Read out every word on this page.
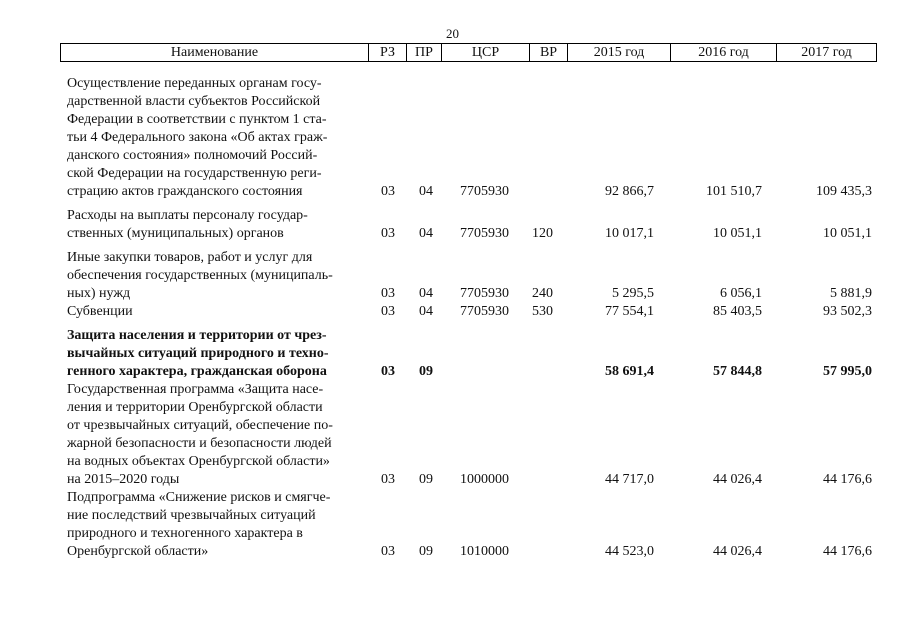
20
Наименование	РЗ	ПР	ЦСР	ВР	2015 год	2016 год	2017 год
Осуществление переданных органам госу-
дарственной власти субъектов Российской
Федерации в соответствии с пунктом 1 ста-
тьи 4 Федерального закона «Об актах граж-
данского состояния» полномочий Россий-
ской Федерации на государственную реги-
страцию актов гражданского состояния	03 04 7705930	92 866,7	101 510,7	109 435,3
Расходы на выплаты персоналу государ-
ственных (муниципальных) органов	03 04 7705930 120	10 017,1	10 051,1	10 051,1
Иные закупки товаров, работ и услуг для
обеспечения государственных (муниципаль-
ных) нужд	03 04 7705930 240	5 295,5	6 056,1	5 881,9
Субвенции	03 04 7705930 530	77 554,1	85 403,5	93 502,3
Защита населения и территории от чрез-
вычайных ситуаций природного и техно-
генного характера, гражданская оборона	03 09	58 691,4	57 844,8	57 995,0
Государственная программа «Защита насе-
ления и территории Оренбургской области
от чрезвычайных ситуаций, обеспечение по-
жарной безопасности и безопасности людей
на водных объектах Оренбургской области»
на 2015–2020 годы	03 09 1000000	44 717,0	44 026,4	44 176,6
Подпрограмма «Снижение рисков и смягче-
ние последствий чрезвычайных ситуаций
природного и техногенного характера в
Оренбургской области»	03 09 1010000	44 523,0	44 026,4	44 176,6
